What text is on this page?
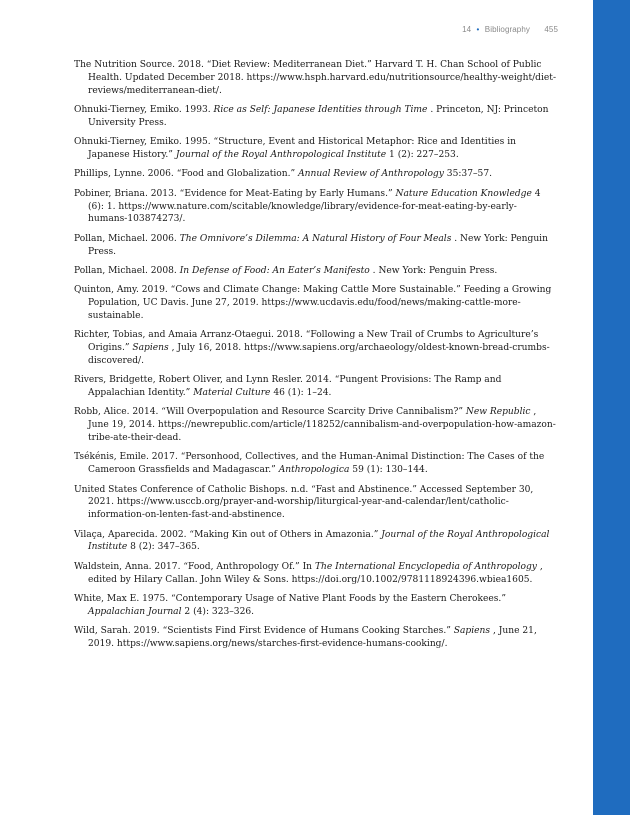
14 • Bibliography 455
The Nutrition Source. 2018. “Diet Review: Mediterranean Diet.” Harvard T. H. Chan School of Public Health. Updated December 2018. https://www.hsph.harvard.edu/nutritionsource/healthy-weight/diet-reviews/mediterranean-diet/.
Ohnuki-Tierney, Emiko. 1993. Rice as Self: Japanese Identities through Time . Princeton, NJ: Princeton University Press.
Ohnuki-Tierney, Emiko. 1995. “Structure, Event and Historical Metaphor: Rice and Identities in Japanese History.” Journal of the Royal Anthropological Institute 1 (2): 227–253.
Phillips, Lynne. 2006. “Food and Globalization.” Annual Review of Anthropology 35:37–57.
Pobiner, Briana. 2013. “Evidence for Meat-Eating by Early Humans.” Nature Education Knowledge 4 (6): 1. https://www.nature.com/scitable/knowledge/library/evidence-for-meat-eating-by-early-humans-103874273/.
Pollan, Michael. 2006. The Omnivore’s Dilemma: A Natural History of Four Meals . New York: Penguin Press.
Pollan, Michael. 2008. In Defense of Food: An Eater’s Manifesto . New York: Penguin Press.
Quinton, Amy. 2019. “Cows and Climate Change: Making Cattle More Sustainable.” Feeding a Growing Population, UC Davis. June 27, 2019. https://www.ucdavis.edu/food/news/making-cattle-more-sustainable.
Richter, Tobias, and Amaia Arranz-Otaegui. 2018. “Following a New Trail of Crumbs to Agriculture’s Origins.” Sapiens , July 16, 2018. https://www.sapiens.org/archaeology/oldest-known-bread-crumbs-discovered/.
Rivers, Bridgette, Robert Oliver, and Lynn Resler. 2014. “Pungent Provisions: The Ramp and Appalachian Identity.” Material Culture 46 (1): 1–24.
Robb, Alice. 2014. “Will Overpopulation and Resource Scarcity Drive Cannibalism?” New Republic , June 19, 2014. https://newrepublic.com/article/118252/cannibalism-and-overpopulation-how-amazon-tribe-ate-their-dead.
Tsékénis, Emile. 2017. “Personhood, Collectives, and the Human-Animal Distinction: The Cases of the Cameroon Grassfields and Madagascar.” Anthropologica 59 (1): 130–144.
United States Conference of Catholic Bishops. n.d. “Fast and Abstinence.” Accessed September 30, 2021. https://www.usccb.org/prayer-and-worship/liturgical-year-and-calendar/lent/catholic-information-on-lenten-fast-and-abstinence.
Vilaça, Aparecida. 2002. “Making Kin out of Others in Amazonia.” Journal of the Royal Anthropological Institute 8 (2): 347–365.
Waldstein, Anna. 2017. “Food, Anthropology Of.” In The International Encyclopedia of Anthropology , edited by Hilary Callan. John Wiley & Sons. https://doi.org/10.1002/9781118924396.wbiea1605.
White, Max E. 1975. “Contemporary Usage of Native Plant Foods by the Eastern Cherokees.” Appalachian Journal 2 (4): 323–326.
Wild, Sarah. 2019. “Scientists Find First Evidence of Humans Cooking Starches.” Sapiens , June 21, 2019. https://www.sapiens.org/news/starches-first-evidence-humans-cooking/.
